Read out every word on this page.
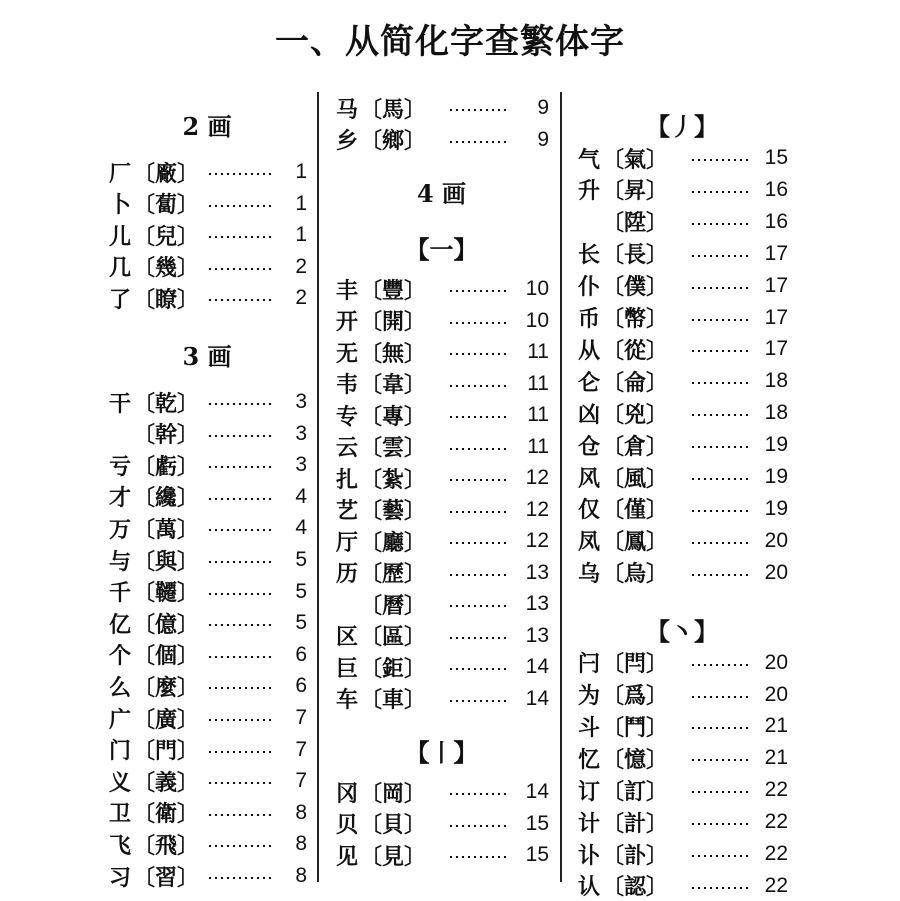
一、从简化字查繁体字
2 画
厂 〔廠〕	1
卜 〔蔔〕	1
儿 〔兒〕	1
几 〔幾〕	2
了 〔瞭〕	2
3 画
干 〔乾〕	3
〔幹〕	3
亏 〔虧〕	3
才 〔纔〕	4
万 〔萬〕	4
与 〔與〕	5
千 〔韆〕	5
亿 〔億〕	5
个 〔個〕	6
么 〔麼〕	6
广 〔廣〕	7
门 〔門〕	7
义 〔義〕	7
卫 〔衛〕	8
飞 〔飛〕	8
习 〔習〕	8
马 〔馬〕	9
乡 〔鄉〕	9
4 画
【一】
丰 〔豐〕	10
开 〔開〕	10
无 〔無〕	11
韦 〔韋〕	11
专 〔專〕	11
云 〔雲〕	11
扎 〔紮〕	12
艺 〔藝〕	12
厅 〔廳〕	12
历 〔歷〕	13
〔曆〕	13
区 〔區〕	13
巨 〔鉅〕	14
车 〔車〕	14
【丨】
冈 〔岡〕	14
贝 〔貝〕	15
见 〔見〕	15
【丿】
气 〔氣〕	15
升 〔昇〕	16
〔陞〕	16
长 〔長〕	17
仆 〔僕〕	17
币 〔幣〕	17
从 〔從〕	17
仑 〔侖〕	18
凶 〔兇〕	18
仓 〔倉〕	19
风 〔風〕	19
仅 〔僅〕	19
凤 〔鳳〕	20
乌 〔烏〕	20
【丶】
闩 〔閂〕	20
为 〔爲〕	20
斗 〔鬥〕	21
忆 〔憶〕	21
订 〔訂〕	22
计 〔計〕	22
讣 〔訃〕	22
认 〔認〕	22
